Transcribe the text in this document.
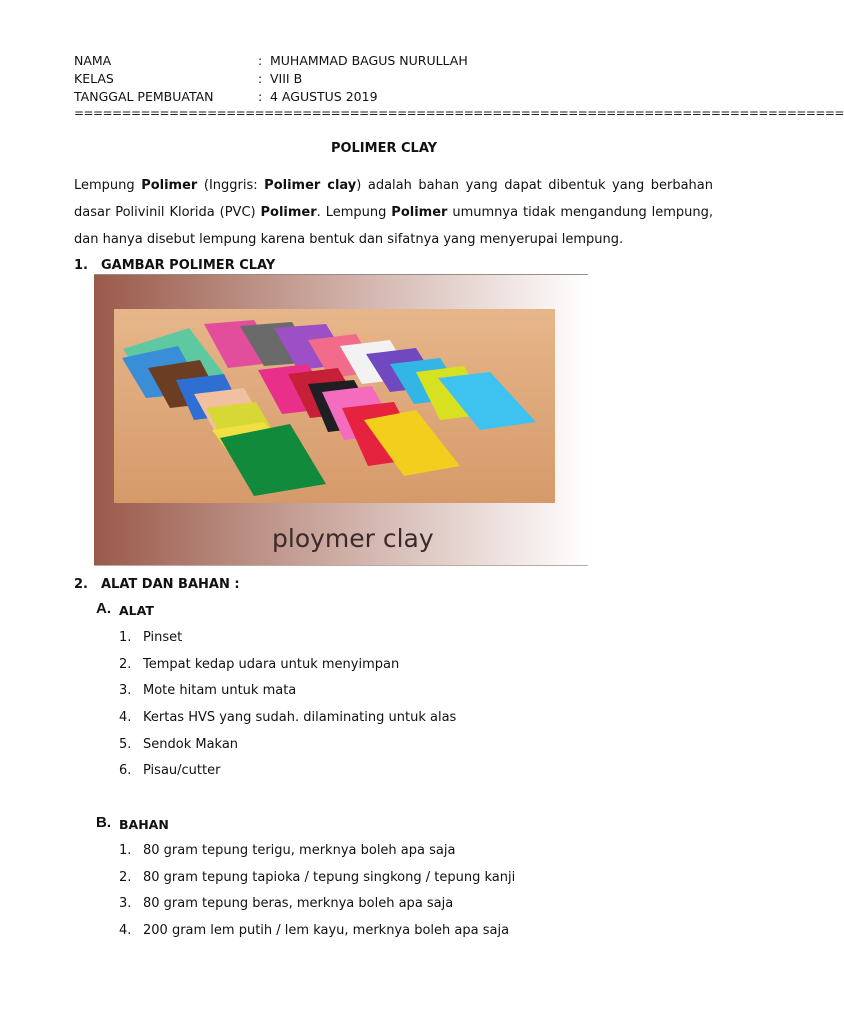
NAMA	: MUHAMMAD BAGUS NURULLAH
KELAS	: VIII B
TANGGAL PEMBUATAN	: 4 AGUSTUS 2019
=================================================================================
POLIMER CLAY
Lempung Polimer (Inggris: Polimer clay) adalah bahan yang dapat dibentuk yang berbahan dasar Polivinil Klorida (PVC) Polimer. Lempung Polimer umumnya tidak mengandung lempung, dan hanya disebut lempung karena bentuk dan sifatnya yang menyerupai lempung.
1. GAMBAR POLIMER CLAY
ploymer clay
2. ALAT DAN BAHAN :
A. ALAT
1. Pinset
2. Tempat kedap udara untuk menyimpan
3. Mote hitam untuk mata
4. Kertas HVS yang sudah. dilaminating untuk alas
5. Sendok Makan
6. Pisau/cutter
B. BAHAN
1. 80 gram tepung terigu, merknya boleh apa saja
2. 80 gram tepung tapioka / tepung singkong / tepung kanji
3. 80 gram tepung beras, merknya boleh apa saja
4. 200 gram lem putih / lem kayu, merknya boleh apa saja
